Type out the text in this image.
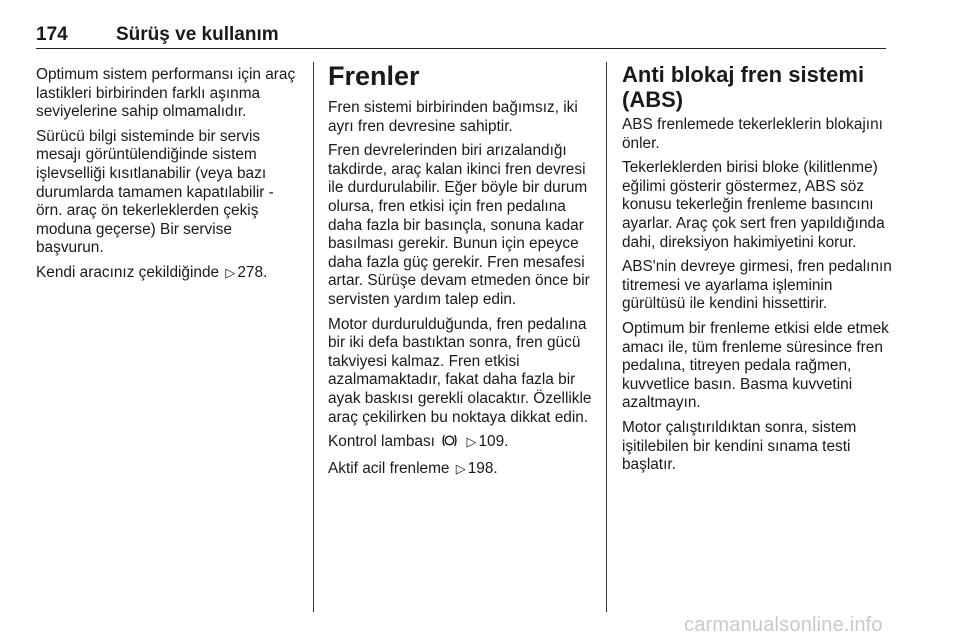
174	Sürüş ve kullanım

Optimum sistem performansı için araç lastikleri birbirinden farklı aşınma seviyelerine sahip olmamalıdır.

Sürücü bilgi sisteminde bir servis mesajı görüntülendiğinde sistem işlevselliği kısıtlanabilir (veya bazı durumlarda tamamen kapatılabilir - örn. araç ön tekerleklerden çekiş moduna geçerse) Bir servise başvurun.

Kendi aracınız çekildiğinde ▷ 278.

Frenler

Fren sistemi birbirinden bağımsız, iki ayrı fren devresine sahiptir.

Fren devrelerinden biri arızalandığı takdirde, araç kalan ikinci fren devresi ile durdurulabilir. Eğer böyle bir durum olursa, fren etkisi için fren pedalına daha fazla bir basınçla, sonuna kadar basılması gerekir. Bunun için epeyce daha fazla güç gerekir. Fren mesafesi artar. Sürüşe devam etmeden önce bir servisten yardım talep edin.

Motor durdurulduğunda, fren pedalına bir iki defa bastıktan sonra, fren gücü takviyesi kalmaz. Fren etkisi azalmamaktadır, fakat daha fazla bir ayak baskısı gerekli olacaktır. Özellikle araç çekilirken bu noktaya dikkat edin.

Kontrol lambası ▷ 109.

Aktif acil frenleme ▷ 198.

Anti blokaj fren sistemi (ABS)

ABS frenlemede tekerleklerin blokajını önler.

Tekerleklerden birisi bloke (kilitlenme) eğilimi gösterir göstermez, ABS söz konusu tekerleğin frenleme basıncını ayarlar. Araç çok sert fren yapıldığında dahi, direksiyon hakimiyetini korur.

ABS'nin devreye girmesi, fren pedalının titremesi ve ayarlama işleminin gürültüsü ile kendini hissettirir.

Optimum bir frenleme etkisi elde etmek amacı ile, tüm frenleme süresince fren pedalına, titreyen pedala rağmen, kuvvetlice basın. Basma kuvvetini azaltmayın.

Motor çalıştırıldıktan sonra, sistem işitilebilen bir kendini sınama testi başlatır.

carmanualsonline.info
